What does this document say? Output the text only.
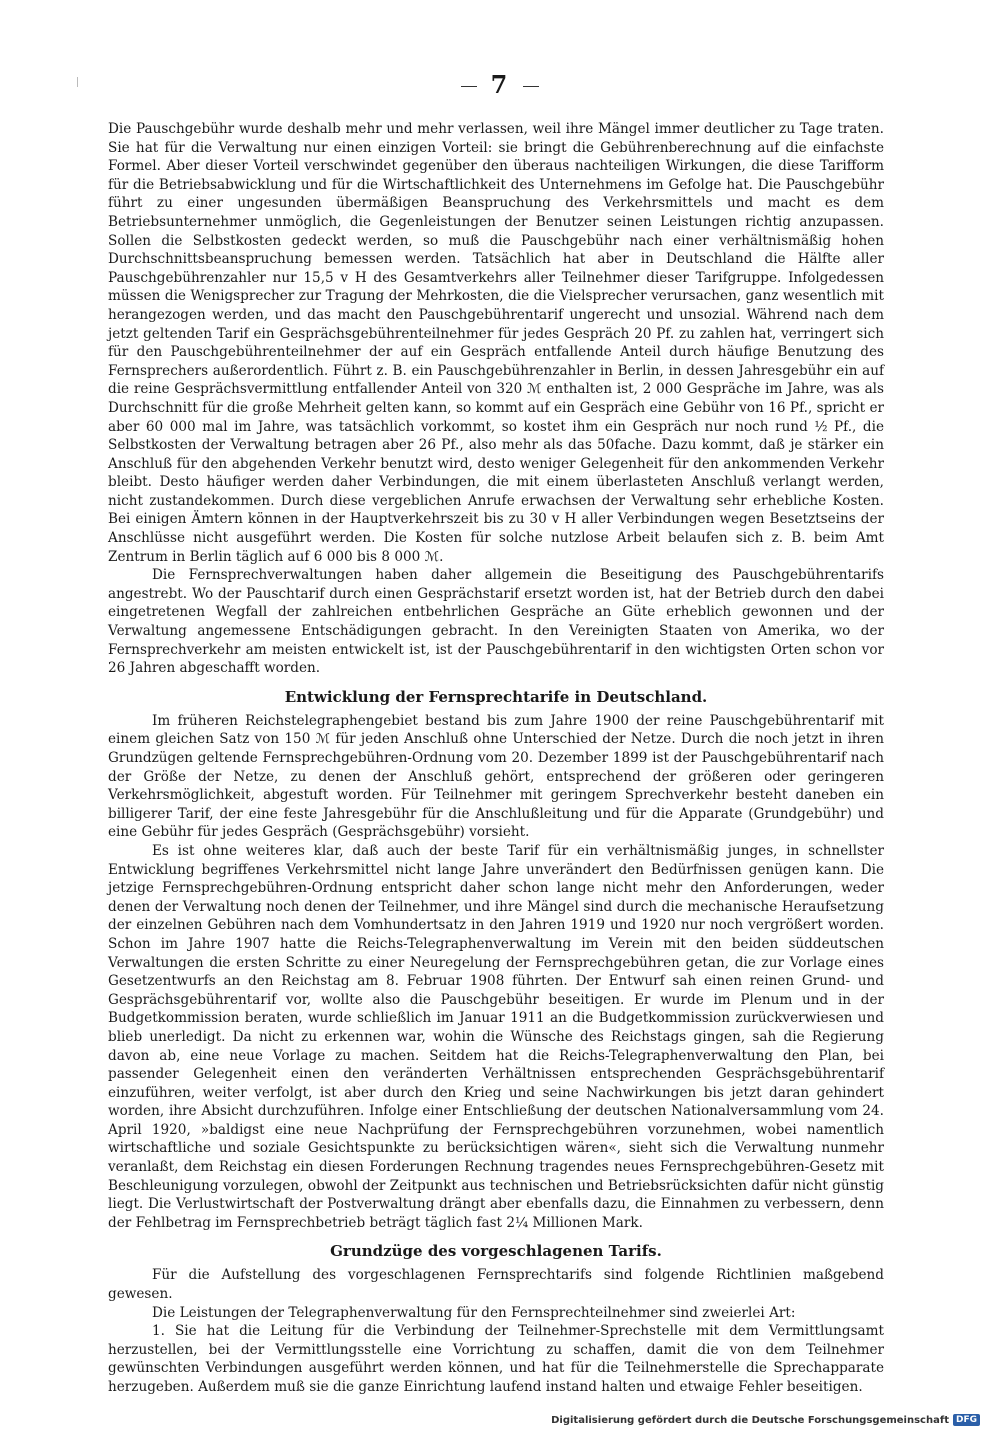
7

Die Pauschgebühr wurde deshalb mehr und mehr verlassen, weil ihre Mängel immer deutlicher zu Tage traten. Sie hat für die Verwaltung nur einen einzigen Vorteil: sie bringt die Gebührenberechnung auf die einfachste Formel. Aber dieser Vorteil verschwindet gegenüber den überaus nachteiligen Wirkungen, die diese Tarifform für die Betriebsabwicklung und für die Wirtschaftlichkeit des Unternehmens im Gefolge hat. Die Pauschgebühr führt zu einer ungesunden übermäßigen Beanspruchung des Verkehrsmittels und macht es dem Betriebsunternehmer unmöglich, die Gegenleistungen der Benutzer seinen Leistungen richtig anzupassen. Sollen die Selbstkosten gedeckt werden, so muß die Pauschgebühr nach einer verhältnismäßig hohen Durchschnittsbeanspruchung bemessen werden. Tatsächlich hat aber in Deutschland die Hälfte aller Pauschgebührenzahler nur 15,5 v H des Gesamtverkehrs aller Teilnehmer dieser Tarifgruppe. Infolgedessen müssen die Wenigsprecher zur Tragung der Mehrkosten, die die Vielsprecher verursachen, ganz wesentlich mit herangezogen werden, und das macht den Pauschgebührentarif ungerecht und unsozial. Während nach dem jetzt geltenden Tarif ein Gesprächsgebührenteilnehmer für jedes Gespräch 20 Pf. zu zahlen hat, verringert sich für den Pauschgebührenteilnehmer der auf ein Gespräch entfallende Anteil durch häufige Benutzung des Fernsprechers außerordentlich. Führt z. B. ein Pauschgebührenzahler in Berlin, in dessen Jahresgebühr ein auf die reine Gesprächsvermittlung entfallender Anteil von 320 ℳ enthalten ist, 2 000 Gespräche im Jahre, was als Durchschnitt für die große Mehrheit gelten kann, so kommt auf ein Gespräch eine Gebühr von 16 Pf., spricht er aber 60 000 mal im Jahre, was tatsächlich vorkommt, so kostet ihm ein Gespräch nur noch rund ½ Pf., die Selbstkosten der Verwaltung betragen aber 26 Pf., also mehr als das 50fache. Dazu kommt, daß je stärker ein Anschluß für den abgehenden Verkehr benutzt wird, desto weniger Gelegenheit für den ankommenden Verkehr bleibt. Desto häufiger werden daher Verbindungen, die mit einem überlasteten Anschluß verlangt werden, nicht zustandekommen. Durch diese vergeblichen Anrufe erwachsen der Verwaltung sehr erhebliche Kosten. Bei einigen Ämtern können in der Hauptverkehrszeit bis zu 30 v H aller Verbindungen wegen Besetztseins der Anschlüsse nicht ausgeführt werden. Die Kosten für solche nutzlose Arbeit belaufen sich z. B. beim Amt Zentrum in Berlin täglich auf 6 000 bis 8 000 ℳ.

Die Fernsprechverwaltungen haben daher allgemein die Beseitigung des Pauschgebührentarifs angestrebt. Wo der Pauschtarif durch einen Gesprächstarif ersetzt worden ist, hat der Betrieb durch den dabei eingetretenen Wegfall der zahlreichen entbehrlichen Gespräche an Güte erheblich gewonnen und der Verwaltung angemessene Entschädigungen gebracht. In den Vereinigten Staaten von Amerika, wo der Fernsprechverkehr am meisten entwickelt ist, ist der Pauschgebührentarif in den wichtigsten Orten schon vor 26 Jahren abgeschafft worden.

Entwicklung der Fernsprechtarife in Deutschland.

Im früheren Reichstelegraphengebiet bestand bis zum Jahre 1900 der reine Pauschgebührentarif mit einem gleichen Satz von 150 ℳ für jeden Anschluß ohne Unterschied der Netze. Durch die noch jetzt in ihren Grundzügen geltende Fernsprechgebühren-Ordnung vom 20. Dezember 1899 ist der Pauschgebührentarif nach der Größe der Netze, zu denen der Anschluß gehört, entsprechend der größeren oder geringeren Verkehrsmöglichkeit, abgestuft worden. Für Teilnehmer mit geringem Sprechverkehr besteht daneben ein billigerer Tarif, der eine feste Jahresgebühr für die Anschlußleitung und für die Apparate (Grundgebühr) und eine Gebühr für jedes Gespräch (Gesprächsgebühr) vorsieht.

Es ist ohne weiteres klar, daß auch der beste Tarif für ein verhältnismäßig junges, in schnellster Entwicklung begriffenes Verkehrsmittel nicht lange Jahre unverändert den Bedürfnissen genügen kann. Die jetzige Fernsprechgebühren-Ordnung entspricht daher schon lange nicht mehr den Anforderungen, weder denen der Verwaltung noch denen der Teilnehmer, und ihre Mängel sind durch die mechanische Heraufsetzung der einzelnen Gebühren nach dem Vomhundertsatz in den Jahren 1919 und 1920 nur noch vergrößert worden. Schon im Jahre 1907 hatte die Reichs-Telegraphenverwaltung im Verein mit den beiden süddeutschen Verwaltungen die ersten Schritte zu einer Neuregelung der Fernsprechgebühren getan, die zur Vorlage eines Gesetzentwurfs an den Reichstag am 8. Februar 1908 führten. Der Entwurf sah einen reinen Grund- und Gesprächsgebührentarif vor, wollte also die Pauschgebühr beseitigen. Er wurde im Plenum und in der Budgetkommission beraten, wurde schließlich im Januar 1911 an die Budgetkommission zurückverwiesen und blieb unerledigt. Da nicht zu erkennen war, wohin die Wünsche des Reichstags gingen, sah die Regierung davon ab, eine neue Vorlage zu machen. Seitdem hat die Reichs-Telegraphenverwaltung den Plan, bei passender Gelegenheit einen den veränderten Verhältnissen entsprechenden Gesprächsgebührentarif einzuführen, weiter verfolgt, ist aber durch den Krieg und seine Nachwirkungen bis jetzt daran gehindert worden, ihre Absicht durchzuführen. Infolge einer Entschließung der deutschen Nationalversammlung vom 24. April 1920, »baldigst eine neue Nachprüfung der Fernsprechgebühren vorzunehmen, wobei namentlich wirtschaftliche und soziale Gesichtspunkte zu berücksichtigen wären«, sieht sich die Verwaltung nunmehr veranlaßt, dem Reichstag ein diesen Forderungen Rechnung tragendes neues Fernsprechgebühren-Gesetz mit Beschleunigung vorzulegen, obwohl der Zeitpunkt aus technischen und Betriebsrücksichten dafür nicht günstig liegt. Die Verlustwirtschaft der Postverwaltung drängt aber ebenfalls dazu, die Einnahmen zu verbessern, denn der Fehlbetrag im Fernsprechbetrieb beträgt täglich fast 2¼ Millionen Mark.

Grundzüge des vorgeschlagenen Tarifs.

Für die Aufstellung des vorgeschlagenen Fernsprechtarifs sind folgende Richtlinien maßgebend gewesen.

Die Leistungen der Telegraphenverwaltung für den Fernsprechteilnehmer sind zweierlei Art:

1. Sie hat die Leitung für die Verbindung der Teilnehmer-Sprechstelle mit dem Vermittlungsamt herzustellen, bei der Vermittlungsstelle eine Vorrichtung zu schaffen, damit die von dem Teilnehmer gewünschten Verbindungen ausgeführt werden können, und hat für die Teilnehmerstelle die Sprechapparate herzugeben. Außerdem muß sie die ganze Einrichtung laufend instand halten und etwaige Fehler beseitigen.

Digitalisierung gefördert durch die Deutsche Forschungsgemeinschaft DFG
